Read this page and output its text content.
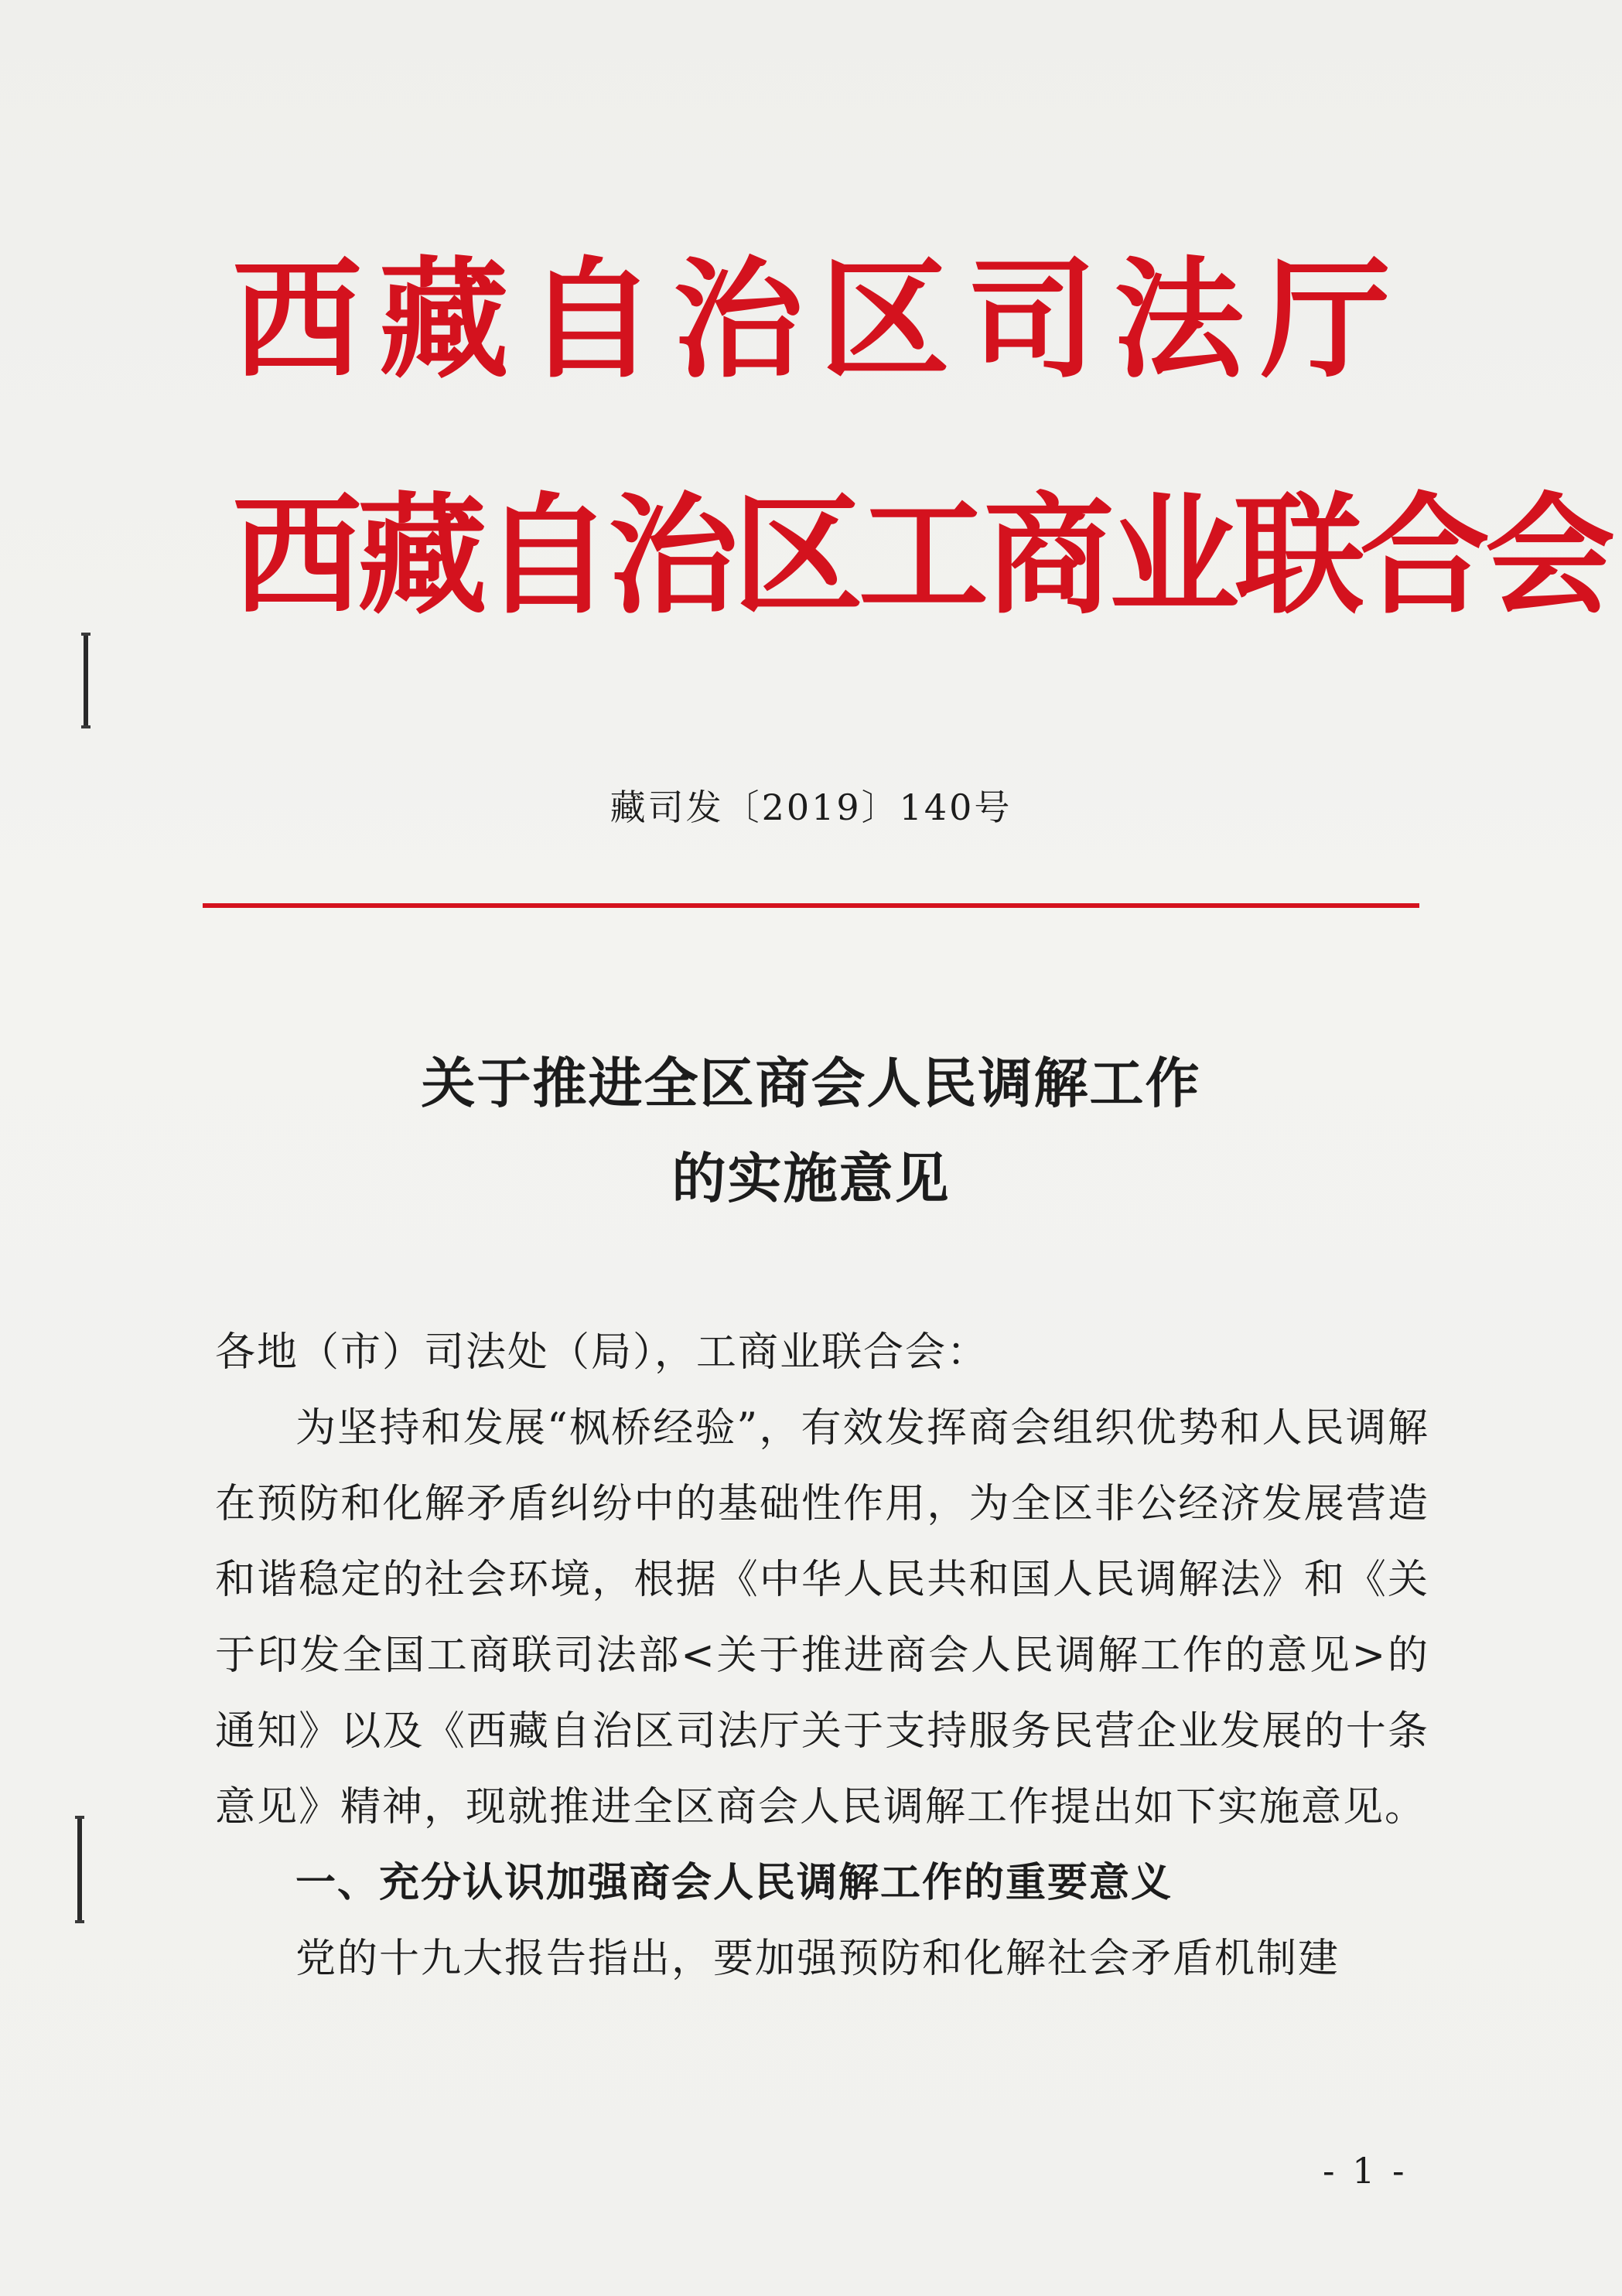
西藏自治区司法厅
西藏自治区工商业联合会
藏司发〔2019〕140号
关于推进全区商会人民调解工作
的实施意见

各地（市）司法处（局），工商业联合会：

为坚持和发展“枫桥经验”，有效发挥商会组织优势和人民调解在预防和化解矛盾纠纷中的基础性作用，为全区非公经济发展营造和谐稳定的社会环境，根据《中华人民共和国人民调解法》和《关于印发全国工商联司法部<关于推进商会人民调解工作的意见>的通知》以及《西藏自治区司法厅关于支持服务民营企业发展的十条意见》精神，现就推进全区商会人民调解工作提出如下实施意见。

一、充分认识加强商会人民调解工作的重要意义

党的十九大报告指出，要加强预防和化解社会矛盾机制建

- 1 -
